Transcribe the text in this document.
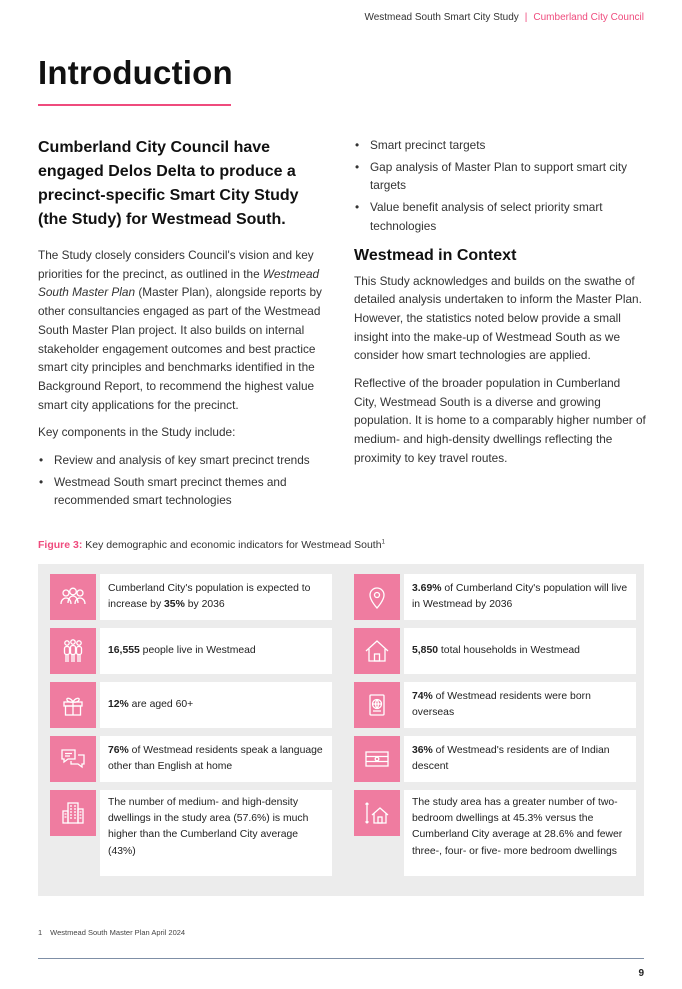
Westmead South Smart City Study | Cumberland City Council
Introduction

Cumberland City Council have engaged Delos Delta to produce a precinct-specific Smart City Study (the Study) for Westmead South.

The Study closely considers Council's vision and key priorities for the precinct, as outlined in the Westmead South Master Plan (Master Plan), alongside reports by other consultancies engaged as part of the Westmead South Master Plan project. It also builds on internal stakeholder engagement outcomes and best practice smart city principles and benchmarks identified in the Background Report, to recommend the highest value smart city applications for the precinct.

Key components in the Study include:

• Review and analysis of key smart precinct trends
• Westmead South smart precinct themes and recommended smart technologies
• Smart precinct targets
• Gap analysis of Master Plan to support smart city targets
• Value benefit analysis of select priority smart technologies
Westmead in Context

This Study acknowledges and builds on the swathe of detailed analysis undertaken to inform the Master Plan. However, the statistics noted below provide a small insight into the make-up of Westmead South as we consider how smart technologies are applied.

Reflective of the broader population in Cumberland City, Westmead South is a diverse and growing population. It is home to a comparably higher number of medium- and high-density dwellings reflecting the proximity to key travel routes.

Figure 3: Key demographic and economic indicators for Westmead South$^1$
Cumberland City's population is expected to increase by 35% by 2036
16,555 people live in Westmead
12% are aged 60+
76% of Westmead residents speak a language other than English at home
The number of medium- and high-density dwellings in the study area (57.6%) is much higher than the Cumberland City average (43%)
3.69% of Cumberland City's population will live in Westmead by 2036
5,850 total households in Westmead
74% of Westmead residents were born overseas
36% of Westmead's residents are of Indian descent
The study area has a greater number of two-bedroom dwellings at 45.3% versus the Cumberland City average at 28.6% and fewer three-, four- or five- more bedroom dwellings
1 Westmead South Master Plan April 2024
9
